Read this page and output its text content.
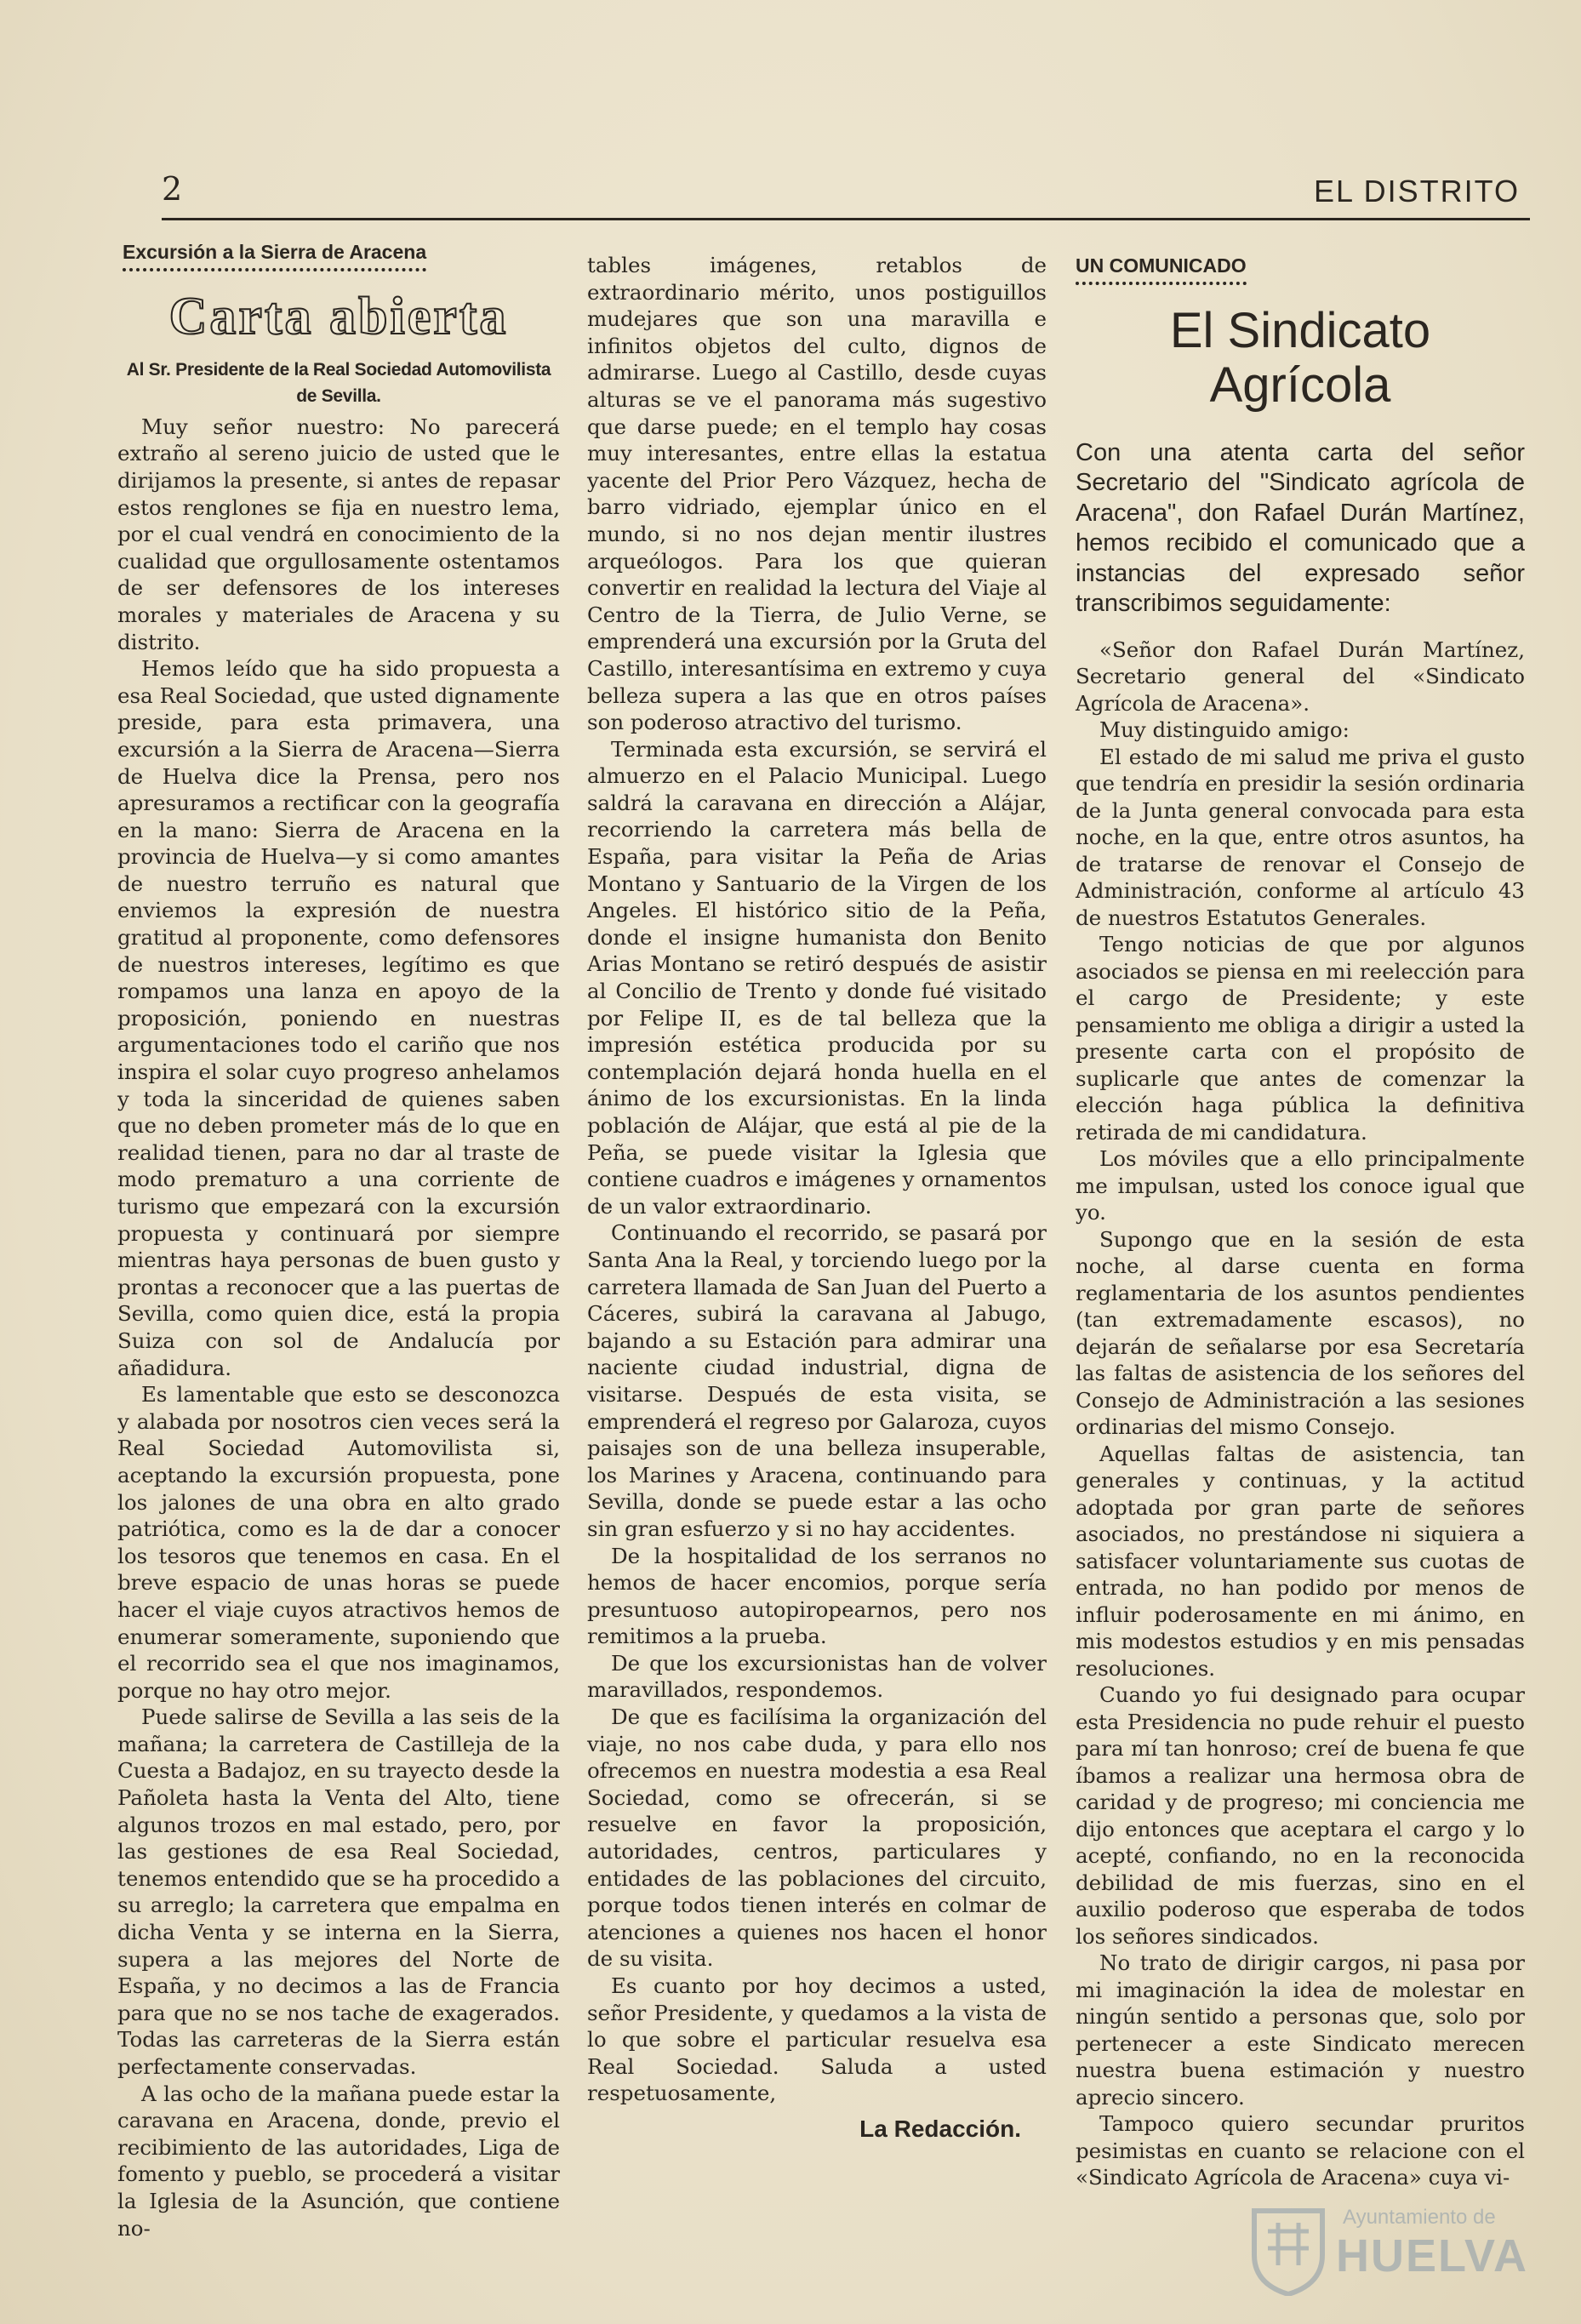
2	EL DISTRITO
Excursión a la Sierra de Aracena
Carta abierta
Al Sr. Presidente de la Real Sociedad Automovilista de Sevilla.

Muy señor nuestro: No parecerá extraño al sereno juicio de usted que le dirijamos la presente, si antes de repasar estos renglones se fija en nuestro lema, por el cual vendrá en conocimiento de la cualidad que orgullosamente ostentamos de ser defensores de los intereses morales y materiales de Aracena y su distrito.

Hemos leído que ha sido propuesta a esa Real Sociedad, que usted dignamente preside, para esta primavera, una excursión a la Sierra de Aracena—Sierra de Huelva dice la Prensa, pero nos apresuramos a rectificar con la geografía en la mano: Sierra de Aracena en la provincia de Huelva—y si como amantes de nuestro terruño es natural que enviemos la expresión de nuestra gratitud al proponente, como defensores de nuestros intereses, legítimo es que rompamos una lanza en apoyo de la proposición, poniendo en nuestras argumentaciones todo el cariño que nos inspira el solar cuyo progreso anhelamos y toda la sinceridad de quienes saben que no deben prometer más de lo que en realidad tienen, para no dar al traste de modo prematuro a una corriente de turismo que empezará con la excursión propuesta y continuará por siempre mientras haya personas de buen gusto y prontas a reconocer que a las puertas de Sevilla, como quien dice, está la propia Suiza con sol de Andalucía por añadidura.

Es lamentable que esto se desconozca y alabada por nosotros cien veces será la Real Sociedad Automovilista si, aceptando la excursión propuesta, pone los jalones de una obra en alto grado patriótica, como es la de dar a conocer los tesoros que tenemos en casa. En el breve espacio de unas horas se puede hacer el viaje cuyos atractivos hemos de enumerar someramente, suponiendo que el recorrido sea el que nos imaginamos, porque no hay otro mejor.

Puede salirse de Sevilla a las seis de la mañana; la carretera de Castilleja de la Cuesta a Badajoz, en su trayecto desde la Pañoleta hasta la Venta del Alto, tiene algunos trozos en mal estado, pero, por las gestiones de esa Real Sociedad, tenemos entendido que se ha procedido a su arreglo; la carretera que empalma en dicha Venta y se interna en la Sierra, supera a las mejores del Norte de España, y no decimos a las de Francia para que no se nos tache de exagerados. Todas las carreteras de la Sierra están perfectamente conservadas.

A las ocho de la mañana puede estar la caravana en Aracena, donde, previo el recibimiento de las autoridades, Liga de fomento y pueblo, se procederá a visitar la Iglesia de la Asunción, que contiene no-

tables imágenes, retablos de extraordinario mérito, unos postiguillos mudejares que son una maravilla e infinitos objetos del culto, dignos de admirarse. Luego al Castillo, desde cuyas alturas se ve el panorama más sugestivo que darse puede; en el templo hay cosas muy interesantes, entre ellas la estatua yacente del Prior Pero Vázquez, hecha de barro vidriado, ejemplar único en el mundo, si no nos dejan mentir ilustres arqueólogos. Para los que quieran convertir en realidad la lectura del Viaje al Centro de la Tierra, de Julio Verne, se emprenderá una excursión por la Gruta del Castillo, interesantísima en extremo y cuya belleza supera a las que en otros países son poderoso atractivo del turismo.

Terminada esta excursión, se servirá el almuerzo en el Palacio Municipal. Luego saldrá la caravana en dirección a Alájar, recorriendo la carretera más bella de España, para visitar la Peña de Arias Montano y Santuario de la Virgen de los Angeles. El histórico sitio de la Peña, donde el insigne humanista don Benito Arias Montano se retiró después de asistir al Concilio de Trento y donde fué visitado por Felipe II, es de tal belleza que la impresión estética producida por su contemplación dejará honda huella en el ánimo de los excursionistas. En la linda población de Alájar, que está al pie de la Peña, se puede visitar la Iglesia que contiene cuadros e imágenes y ornamentos de un valor extraordinario.

Continuando el recorrido, se pasará por Santa Ana la Real, y torciendo luego por la carretera llamada de San Juan del Puerto a Cáceres, subirá la caravana al Jabugo, bajando a su Estación para admirar una naciente ciudad industrial, digna de visitarse. Después de esta visita, se emprenderá el regreso por Galaroza, cuyos paisajes son de una belleza insuperable, los Marines y Aracena, continuando para Sevilla, donde se puede estar a las ocho sin gran esfuerzo y si no hay accidentes.

De la hospitalidad de los serranos no hemos de hacer encomios, porque sería presuntuoso autopiropearnos, pero nos remitimos a la prueba.

De que los excursionistas han de volver maravillados, respondemos.

De que es facilísima la organización del viaje, no nos cabe duda, y para ello nos ofrecemos en nuestra modestia a esa Real Sociedad, como se ofrecerán, si se resuelve en favor la proposición, autoridades, centros, particulares y entidades de las poblaciones del circuito, porque todos tienen interés en colmar de atenciones a quienes nos hacen el honor de su visita.

Es cuanto por hoy decimos a usted, señor Presidente, y quedamos a la vista de lo que sobre el particular resuelva esa Real Sociedad. Saluda a usted respetuosamente,

La Redacción.
UN COMUNICADO
El Sindicato Agrícola
Con una atenta carta del señor Secretario del "Sindicato agrícola de Aracena", don Rafael Durán Martínez, hemos recibido el comunicado que a instancias del expresado señor transcribimos seguidamente:

«Señor don Rafael Durán Martínez, Secretario general del «Sindicato Agrícola de Aracena».

Muy distinguido amigo:

El estado de mi salud me priva el gusto que tendría en presidir la sesión ordinaria de la Junta general convocada para esta noche, en la que, entre otros asuntos, ha de tratarse de renovar el Consejo de Administración, conforme al artículo 43 de nuestros Estatutos Generales.

Tengo noticias de que por algunos asociados se piensa en mi reelección para el cargo de Presidente; y este pensamiento me obliga a dirigir a usted la presente carta con el propósito de suplicarle que antes de comenzar la elección haga pública la definitiva retirada de mi candidatura.

Los móviles que a ello principalmente me impulsan, usted los conoce igual que yo.

Supongo que en la sesión de esta noche, al darse cuenta en forma reglamentaria de los asuntos pendientes (tan extremadamente escasos), no dejarán de señalarse por esa Secretaría las faltas de asistencia de los señores del Consejo de Administración a las sesiones ordinarias del mismo Consejo.

Aquellas faltas de asistencia, tan generales y continuas, y la actitud adoptada por gran parte de señores asociados, no prestándose ni siquiera a satisfacer voluntariamente sus cuotas de entrada, no han podido por menos de influir poderosamente en mi ánimo, en mis modestos estudios y en mis pensadas resoluciones.

Cuando yo fui designado para ocupar esta Presidencia no pude rehuir el puesto para mí tan honroso; creí de buena fe que íbamos a realizar una hermosa obra de caridad y de progreso; mi conciencia me dijo entonces que aceptara el cargo y lo acepté, confiando, no en la reconocida debilidad de mis fuerzas, sino en el auxilio poderoso que esperaba de todos los señores sindicados.

No trato de dirigir cargos, ni pasa por mi imaginación la idea de molestar en ningún sentido a personas que, solo por pertenecer a este Sindicato merecen nuestra buena estimación y nuestro aprecio sincero.

Tampoco quiero secundar pruritos pesimistas en cuanto se relacione con el «Sindicato Agrícola de Aracena» cuya vi-

Ayuntamiento de
HUELVA
